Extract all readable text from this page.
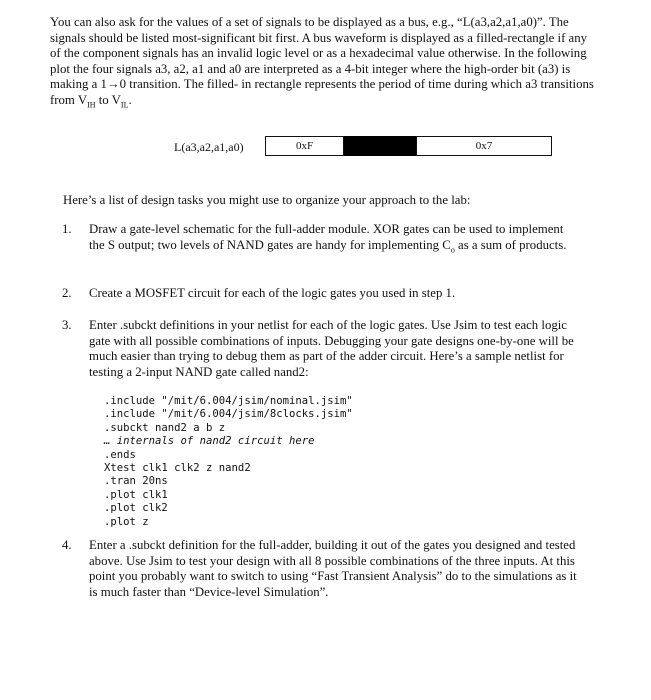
You can also ask for the values of a set of signals to be displayed as a bus, e.g., “L(a3,a2,a1,a0)”. The signals should be listed most-significant bit first. A bus waveform is displayed as a filled-rectangle if any of the component signals has an invalid logic level or as a hexadecimal value otherwise. In the following plot the four signals a3, a2, a1 and a0 are interpreted as a 4-bit integer where the high-order bit (a3) is making a 1→0 transition. The filled- in rectangle represents the period of time during which a3 transitions from $V_{IH}$ to $V_{IL}$.

L(a3,a2,a1,a0)	0xF	0x7

Here’s a list of design tasks you might use to organize your approach to the lab:

1. Draw a gate-level schematic for the full-adder module. XOR gates can be used to implement the S output; two levels of NAND gates are handy for implementing $C_o$ as a sum of products.
2. Create a MOSFET circuit for each of the logic gates you used in step 1.
3. Enter .subckt definitions in your netlist for each of the logic gates. Use Jsim to test each logic gate with all possible combinations of inputs. Debugging your gate designs one-by-one will be much easier than trying to debug them as part of the adder circuit. Here’s a sample netlist for testing a 2-input NAND gate called nand2:
.include "/mit/6.004/jsim/nominal.jsim"
.include "/mit/6.004/jsim/8clocks.jsim"
.subckt nand2 a b z
… internals of nand2 circuit here
.ends
Xtest clk1 clk2 z nand2
.tran 20ns
.plot clk1
.plot clk2
.plot z
4. Enter a .subckt definition for the full-adder, building it out of the gates you designed and tested above. Use Jsim to test your design with all 8 possible combinations of the three inputs. At this point you probably want to switch to using “Fast Transient Analysis” do to the simulations as it is much faster than “Device-level Simulation”.
